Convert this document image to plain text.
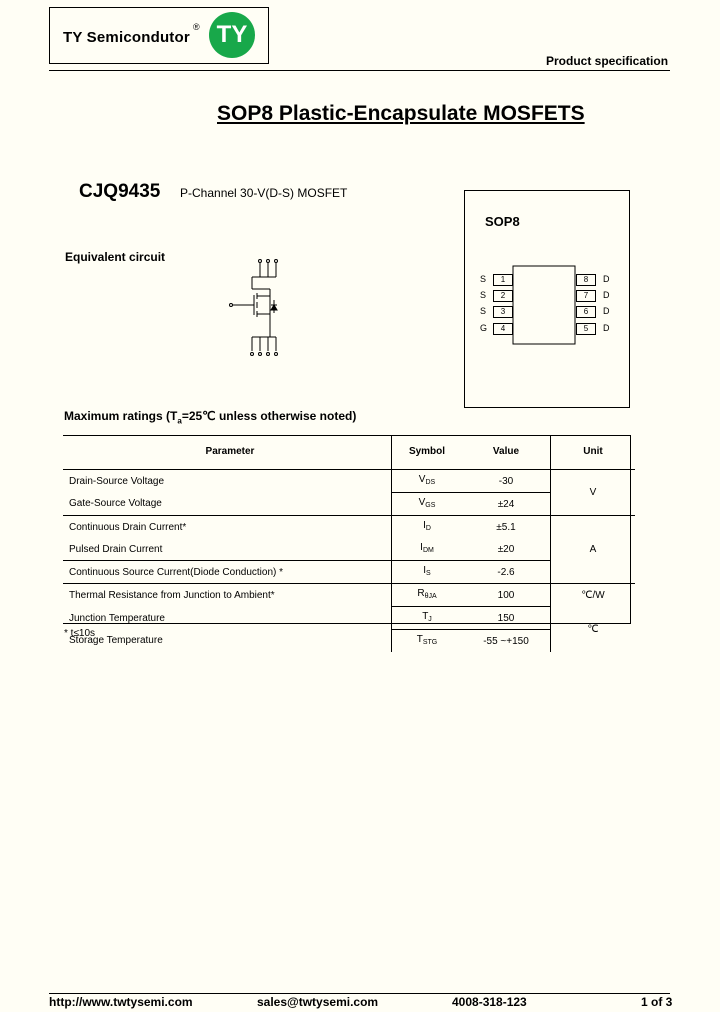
TY Semicondutor
® TY
Product specification
SOP8 Plastic-Encapsulate MOSFETS
CJQ9435 P-Channel 30-V(D-S) MOSFET
SOP8
Equivalent circuit
Maximum ratings ($T_a=25℃$ unless otherwise noted)
Parameter	Symbol	Value	Unit
Drain-Source Voltage	$V_{DS}$	-30	V
Gate-Source Voltage	$V_{GS}$	±24	
Continuous Drain Current*	$I_D$	±5.1	A
Pulsed Drain Current	$I_{DM}$	±20	
Continuous Source Current(Diode Conduction) *	$I_S$	-2.6	
Thermal Resistance from Junction to Ambient*	$R_{\theta JA}$	100	℃/W
Junction Temperature	$T_J$	150	℃
Storage Temperature	$T_{STG}$	-55 ~+150	
* t≤10s
http://www.twtysemi.com	sales@twtysemi.com	4008-318-123	1 of 3
S	1
S	2
S	3
G	4
8	D
7	D
6	D
5	D
